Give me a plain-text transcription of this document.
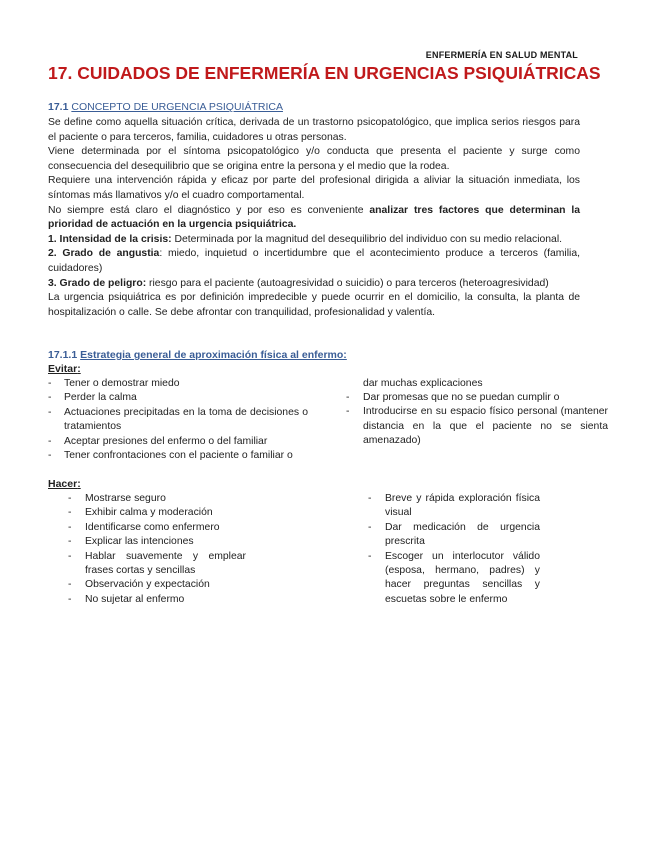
ENFERMERÍA EN SALUD MENTAL
17. CUIDADOS DE ENFERMERÍA EN URGENCIAS PSIQUIÁTRICAS
17.1 CONCEPTO DE URGENCIA PSIQUIÁTRICA

Se define como aquella situación crítica, derivada de un trastorno psicopatológico, que implica serios riesgos para el paciente o para terceros, familia, cuidadores u otras personas.

Viene determinada por el síntoma psicopatológico y/o conducta que presenta el paciente y surge como consecuencia del desequilibrio que se origina entre la persona y el medio que la rodea.

Requiere una intervención rápida y eficaz por parte del profesional dirigida a aliviar la situación inmediata, los síntomas más llamativos y/o el cuadro comportamental.

No siempre está claro el diagnóstico y por eso es conveniente analizar tres factores que determinan la prioridad de actuación en la urgencia psiquiátrica.

1. Intensidad de la crisis: Determinada por la magnitud del desequilibrio del individuo con su medio relacional.

2. Grado de angustia: miedo, inquietud o incertidumbre que el acontecimiento produce a terceros (familia, cuidadores)

3. Grado de peligro: riesgo para el paciente (autoagresividad o suicidio) o para terceros (heteroagresividad)

La urgencia psiquiátrica es por definición impredecible y puede ocurrir en el domicilio, la consulta, la planta de hospitalización o calle. Se debe afrontar con tranquilidad, profesionalidad y valentía.

17.1.1 Estrategia general de aproximación física al enfermo:
Evitar:
- Tener o demostrar miedo
- Perder la calma
- Actuaciones precipitadas en la toma de decisiones o tratamientos
- Aceptar presiones del enfermo o del familiar
- Tener confrontaciones con el paciente o familiar o
dar muchas explicaciones
- Dar promesas que no se puedan cumplir o
- Introducirse en su espacio físico personal (mantener distancia en la que el paciente no se sienta amenazado)
Hacer:
- Mostrarse seguro
- Exhibir calma y moderación
- Identificarse como enfermero
- Explicar las intenciones
- Hablar suavemente y emplear frases cortas y sencillas
- Observación y expectación
- No sujetar al enfermo
- Breve y rápida exploración física visual
- Dar medicación de urgencia prescrita
- Escoger un interlocutor válido (esposa, hermano, padres) y hacer preguntas sencillas y escuetas sobre le enfermo
